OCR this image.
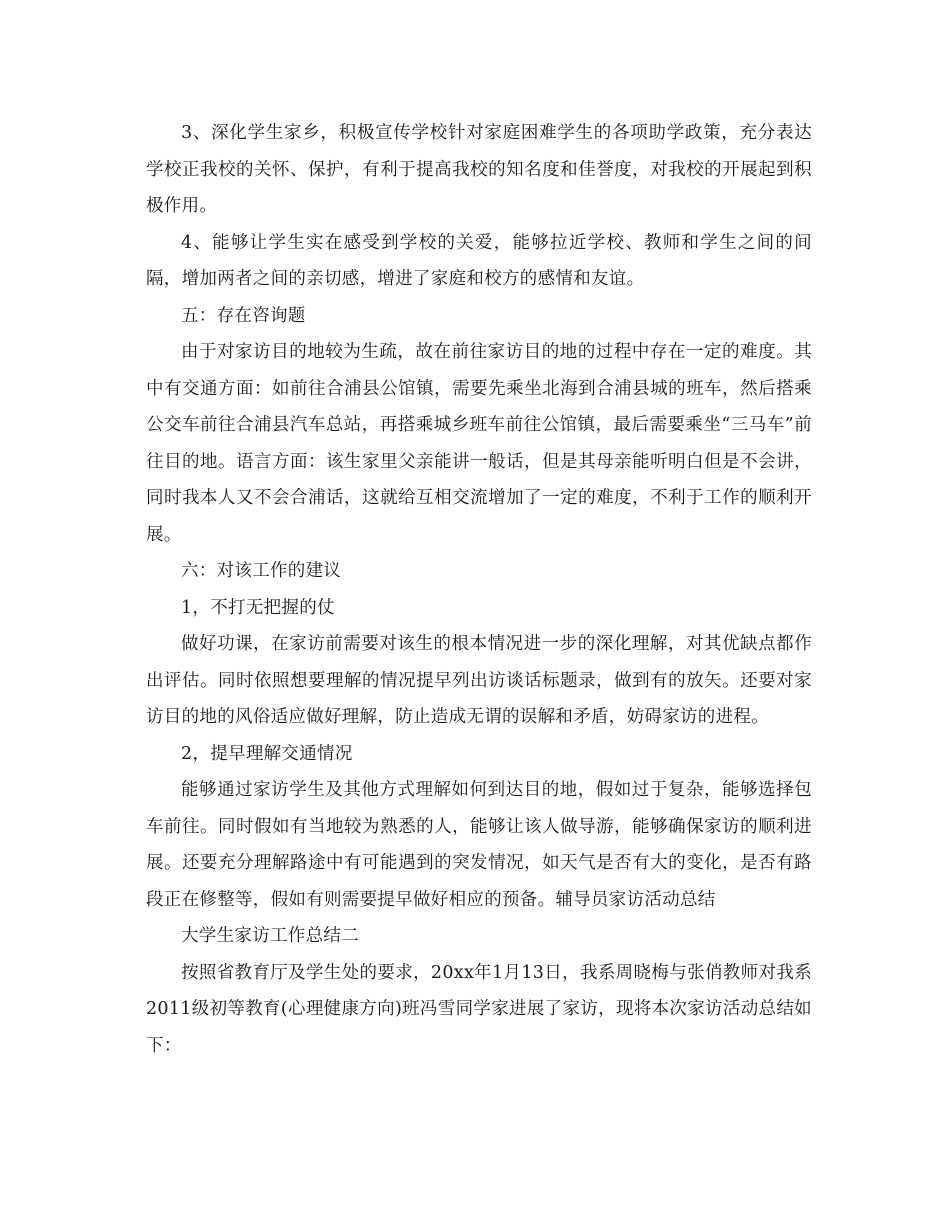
3、深化学生家乡，积极宣传学校针对家庭困难学生的各项助学政策，充分表达学校正我校的关怀、保护，有利于提高我校的知名度和佳誉度，对我校的开展起到积极作用。

4、能够让学生实在感受到学校的关爱，能够拉近学校、教师和学生之间的间隔，增加两者之间的亲切感，增进了家庭和校方的感情和友谊。

五：存在咨询题

由于对家访目的地较为生疏，故在前往家访目的地的过程中存在一定的难度。其中有交通方面：如前往合浦县公馆镇，需要先乘坐北海到合浦县城的班车，然后搭乘公交车前往合浦县汽车总站，再搭乘城乡班车前往公馆镇，最后需要乘坐“三马车”前往目的地。语言方面：该生家里父亲能讲一般话，但是其母亲能听明白但是不会讲，同时我本人又不会合浦话，这就给互相交流增加了一定的难度，不利于工作的顺利开展。

六：对该工作的建议

1，不打无把握的仗

做好功课，在家访前需要对该生的根本情况进一步的深化理解，对其优缺点都作出评估。同时依照想要理解的情况提早列出访谈话标题录，做到有的放矢。还要对家访目的地的风俗适应做好理解，防止造成无谓的误解和矛盾，妨碍家访的进程。

2，提早理解交通情况

能够通过家访学生及其他方式理解如何到达目的地，假如过于复杂，能够选择包车前往。同时假如有当地较为熟悉的人，能够让该人做导游，能够确保家访的顺利进展。还要充分理解路途中有可能遇到的突发情况，如天气是否有大的变化，是否有路段正在修整等，假如有则需要提早做好相应的预备。辅导员家访活动总结

大学生家访工作总结二

按照省教育厅及学生处的要求，20xx年1月13日，我系周晓梅与张俏教师对我系2011级初等教育(心理健康方向)班冯雪同学家进展了家访，现将本次家访活动总结如下：
